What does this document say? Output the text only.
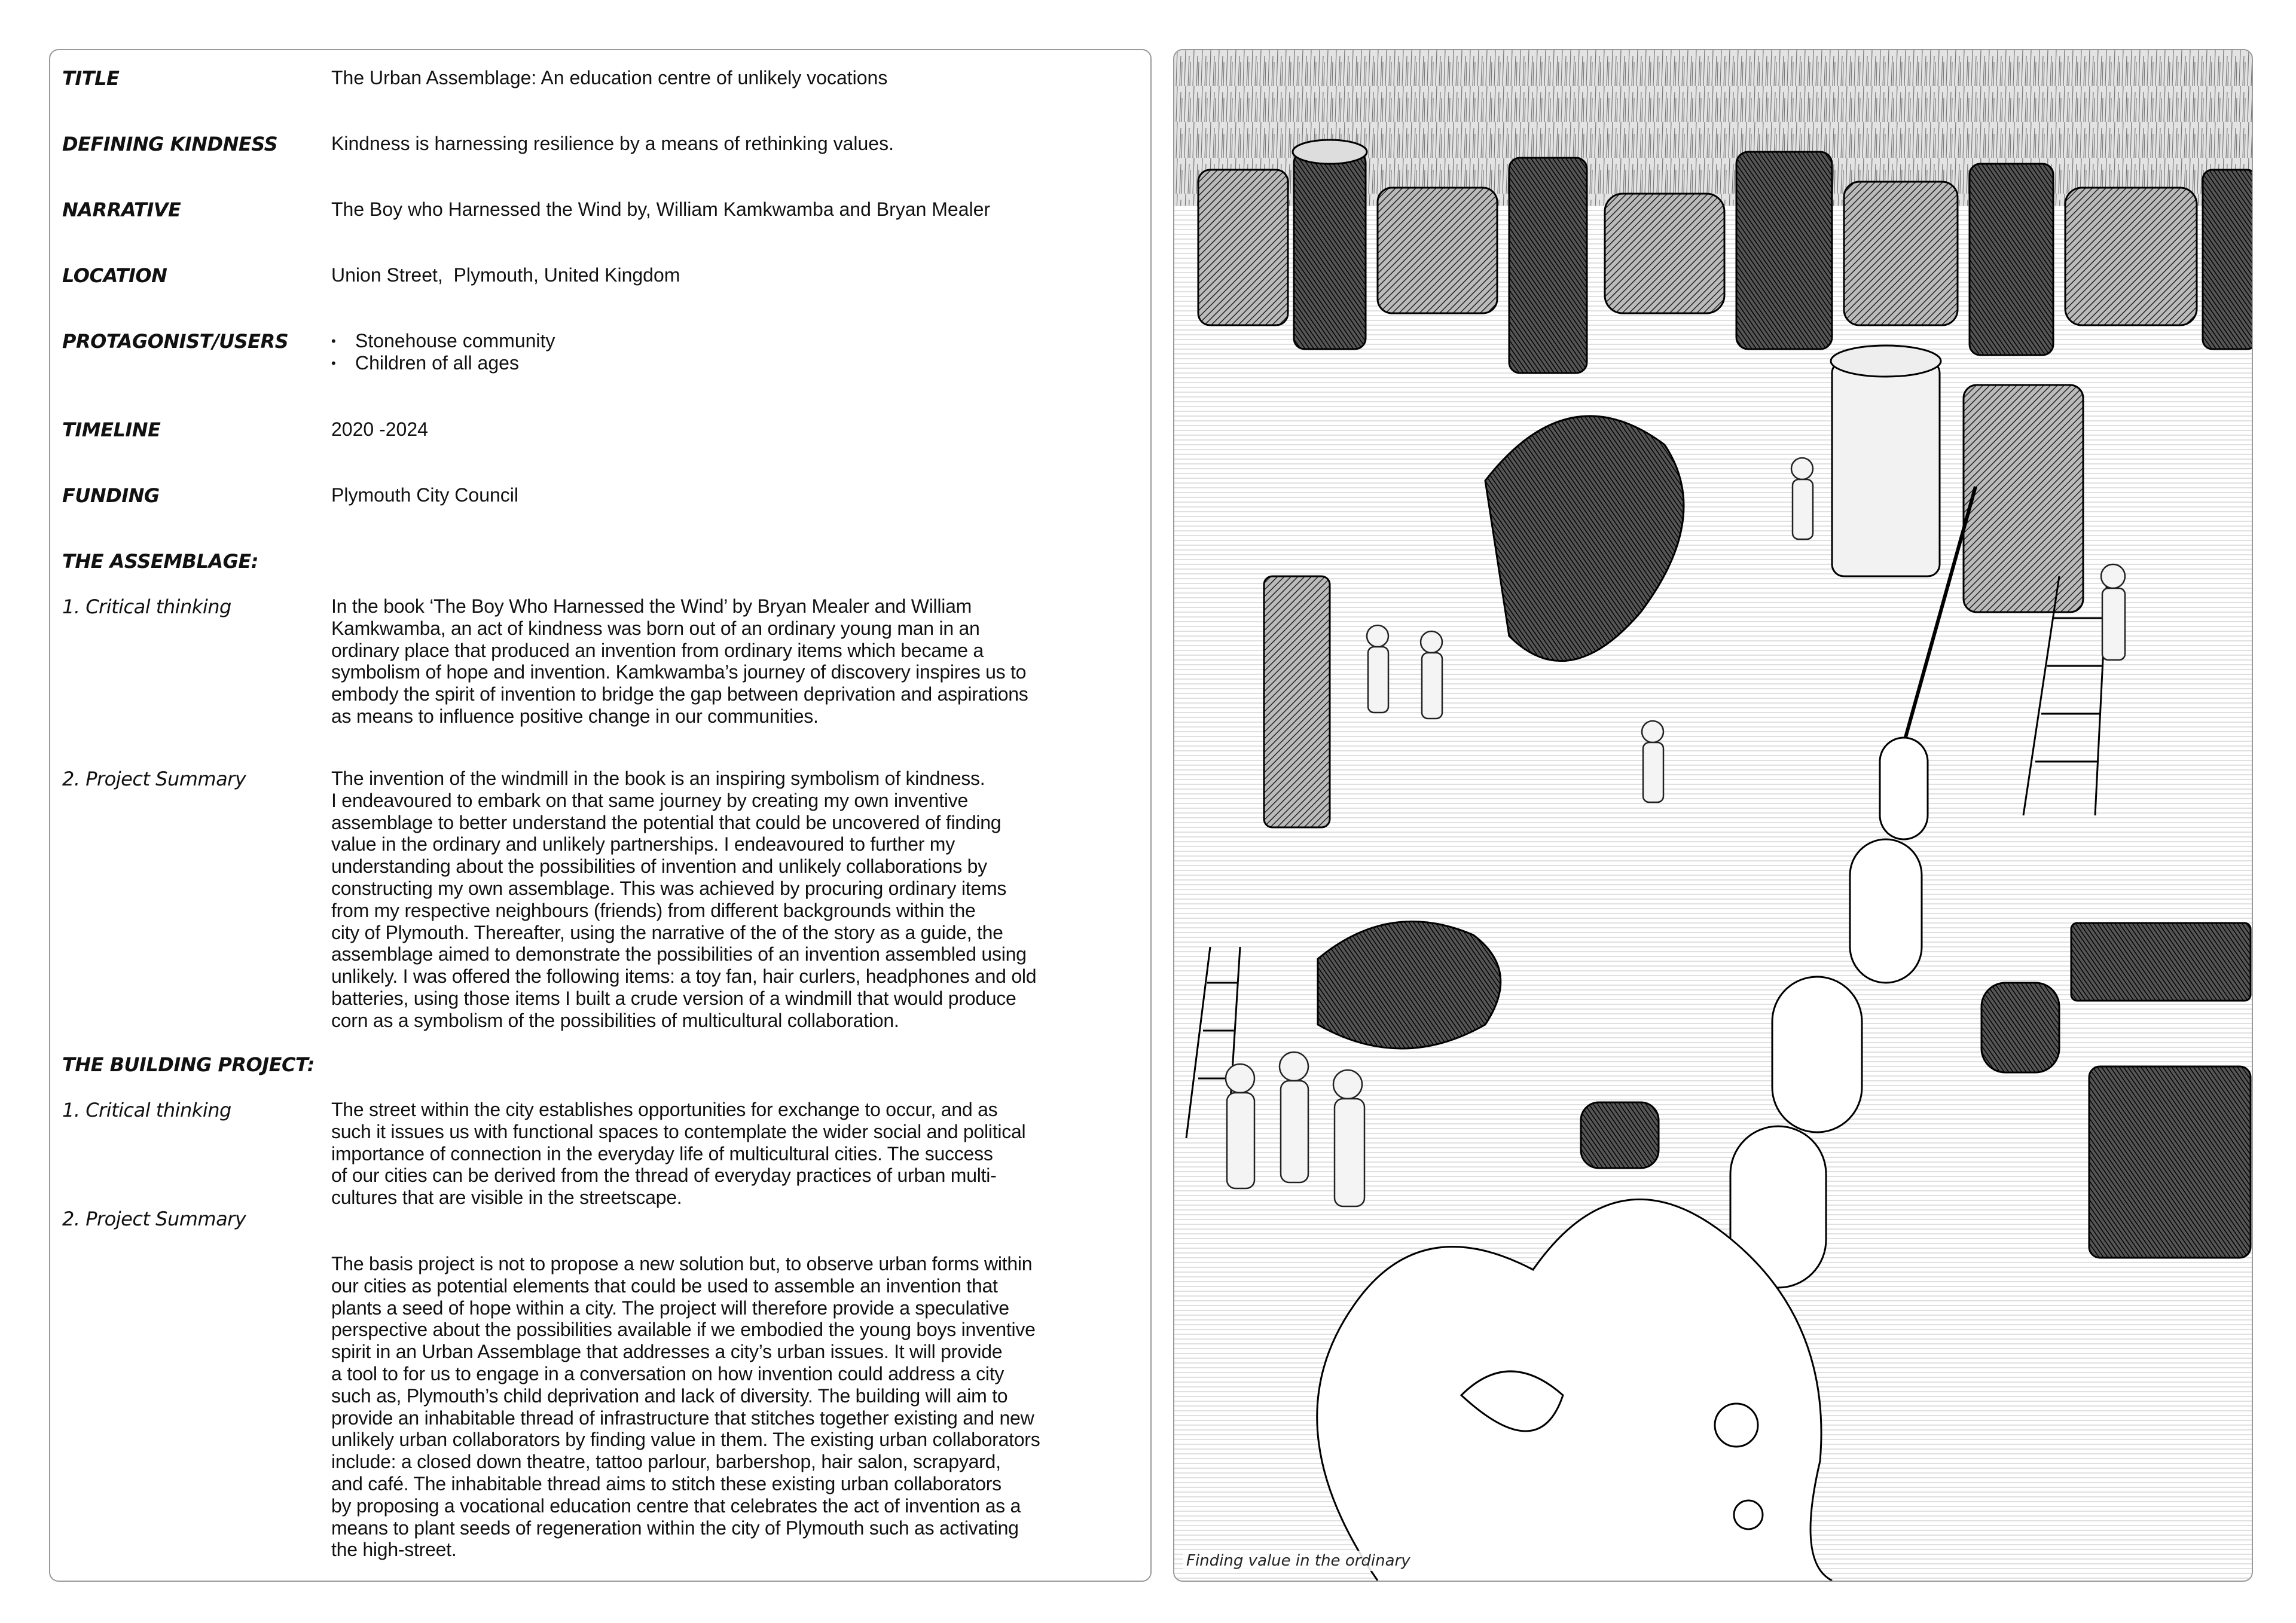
TITLE	The Urban Assemblage: An education centre of unlikely vocations
DEFINING KINDNESS	Kindness is harnessing resilience by a means of rethinking values.
NARRATIVE	The Boy who Harnessed the Wind by, William Kamkwamba and Bryan Mealer
LOCATION	Union Street,  Plymouth, United Kingdom
PROTAGONIST/USERS
•	Stonehouse community
• Children of all ages
TIMELINE	2020 -2024
FUNDING	Plymouth City Council
THE ASSEMBLAGE:
1. Critical thinking	In the book ‘The Boy Who Harnessed the Wind’ by Bryan Mealer and William
Kamkwamba, an act of kindness was born out of an ordinary young man in an
ordinary place that produced an invention from ordinary items which became a
symbolism of hope and invention. Kamkwamba’s journey of discovery inspires us to
embody the spirit of invention to bridge the gap between deprivation and aspirations
as means to influence positive change in our communities.
2. Project Summary	The invention of the windmill in the book is an inspiring symbolism of kindness.
I endeavoured to embark on that same journey by creating my own inventive
assemblage to better understand the potential that could be uncovered of finding
value in the ordinary and unlikely partnerships. I endeavoured to further my
understanding about the possibilities of invention and unlikely collaborations by
constructing my own assemblage. This was achieved by procuring ordinary items
from my respective neighbours (friends) from different backgrounds within the
city of Plymouth. Thereafter, using the narrative of the of the story as a guide, the
assemblage aimed to demonstrate the possibilities of an invention assembled using
unlikely. I was offered the following items: a toy fan, hair curlers, headphones and old
batteries, using those items I built a crude version of a windmill that would produce
corn as a symbolism of the possibilities of multicultural collaboration.
THE BUILDING PROJECT:
1. Critical thinking	The street within the city establishes opportunities for exchange to occur, and as
such it issues us with functional spaces to contemplate the wider social and political
importance of connection in the everyday life of multicultural cities. The success
of our cities can be derived from the thread of everyday practices of urban multi-
cultures that are visible in the streetscape.
2. Project Summary
The basis project is not to propose a new solution but, to observe urban forms within
our cities as potential elements that could be used to assemble an invention that
plants a seed of hope within a city. The project will therefore provide a speculative
perspective about the possibilities available if we embodied the young boys inventive
spirit in an Urban Assemblage that addresses a city’s urban issues. It will provide
a tool to for us to engage in a conversation on how invention could address a city
such as, Plymouth’s child deprivation and lack of diversity. The building will aim to
provide an inhabitable thread of infrastructure that stitches together existing and new
unlikely urban collaborators by finding value in them. The existing urban collaborators
include: a closed down theatre, tattoo parlour, barbershop, hair salon, scrapyard,
and café. The inhabitable thread aims to stitch these existing urban collaborators
by proposing a vocational education centre that celebrates the act of invention as a
means to plant seeds of regeneration within the city of Plymouth such as activating
the high-street.
Finding value in the ordinary
